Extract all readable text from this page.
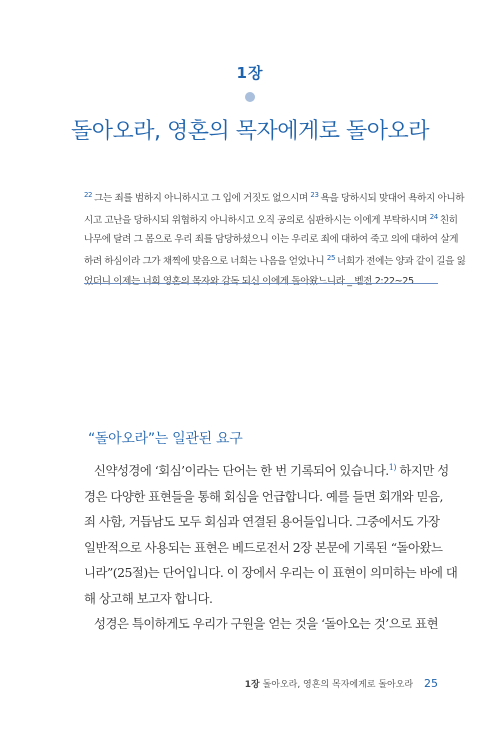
1장
돌아오라, 영혼의 목자에게로 돌아오라
$^{22}$ 그는 죄를 범하지 아니하시고 그 입에 거짓도 없으시며 $^{23}$ 욕을 당하시되 맞대어 욕하지 아니하
시고 고난을 당하시되 위협하지 아니하시고 오직 공의로 심판하시는 이에게 부탁하시며 $^{24}$ 친히
나무에 달려 그 몸으로 우리 죄를 담당하셨으니 이는 우리로 죄에 대하여 죽고 의에 대하여 살게
하려 하심이라 그가 채찍에 맞음으로 너희는 나음을 얻었나니 $^{25}$ 너희가 전에는 양과 같이 길을 잃
었더니 이제는 너희 영혼의 목자와 감독 되신 이에게 돌아왔느니라 _ 벧전 2:22~25
“돌아오라”는 일관된 요구
신약성경에 ‘회심’이라는 단어는 한 번 기록되어 있습니다.$^{1)}$ 하지만 성
경은 다양한 표현들을 통해 회심을 언급합니다. 예를 들면 회개와 믿음,
죄 사함, 거듭남도 모두 회심과 연결된 용어들입니다. 그중에서도 가장
일반적으로 사용되는 표현은 베드로전서 2장 본문에 기록된 “돌아왔느
니라”(25절)는 단어입니다. 이 장에서 우리는 이 표현이 의미하는 바에 대
해 상고해 보고자 합니다.
성경은 특이하게도 우리가 구원을 얻는 것을 ‘돌아오는 것’으로 표현
1장 돌아오라, 영혼의 목자에게로 돌아오라 25
